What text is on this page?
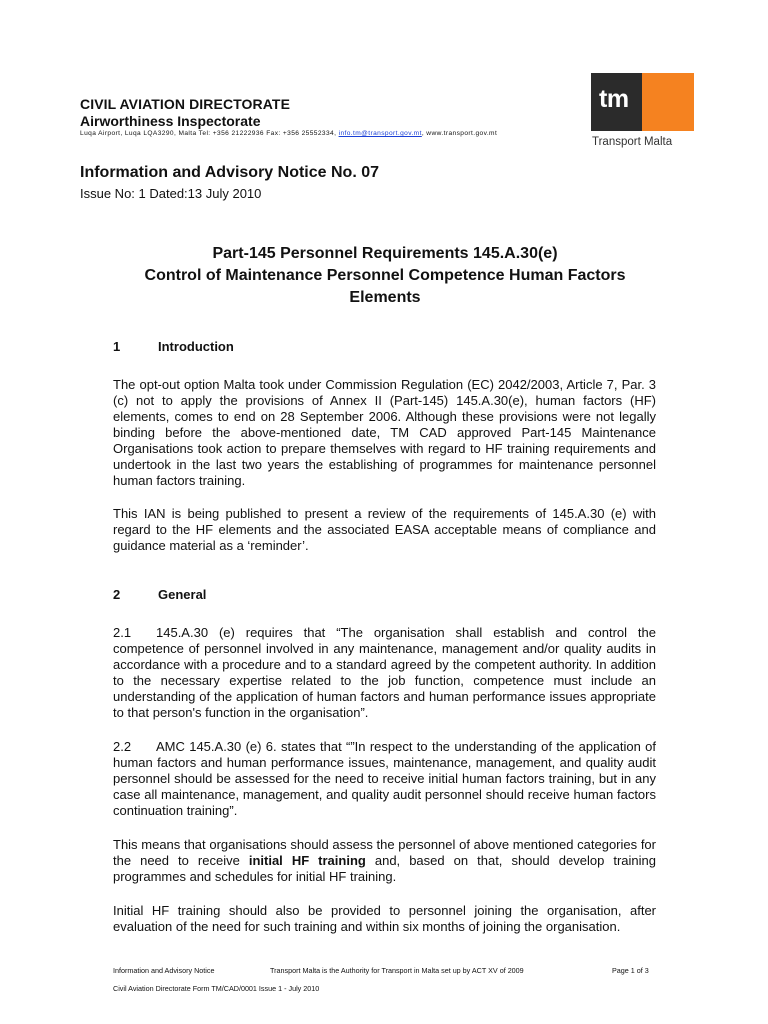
CIVIL AVIATION DIRECTORATE
Airworthiness Inspectorate
Luqa Airport, Luqa LQA3290, Malta Tel: +356 21222936 Fax: +356 25552334, info.tm@transport.gov.mt, www.transport.gov.mt
tm
Transport Malta
Information and Advisory Notice No. 07
Issue No: 1 Dated:13 July 2010
Part-145 Personnel Requirements 145.A.30(e)
Control of Maintenance Personnel Competence Human Factors
Elements
1	Introduction
The opt-out option Malta took under Commission Regulation (EC) 2042/2003, Article 7, Par. 3 (c) not to apply the provisions of Annex II (Part-145) 145.A.30(e), human factors (HF) elements, comes to end on 28 September 2006. Although these provisions were not legally binding before the above-mentioned date, TM CAD approved Part-145 Maintenance Organisations took action to prepare themselves with regard to HF training requirements and undertook in the last two years the establishing of programmes for maintenance personnel human factors training.
This IAN is being published to present a review of the requirements of 145.A.30 (e) with regard to the HF elements and the associated EASA acceptable means of compliance and guidance material as a ‘reminder’.
2	General
2.1 145.A.30 (e) requires that “The organisation shall establish and control the competence of personnel involved in any maintenance, management and/or quality audits in accordance with a procedure and to a standard agreed by the competent authority. In addition to the necessary expertise related to the job function, competence must include an understanding of the application of human factors and human performance issues appropriate to that person's function in the organisation”.
2.2 AMC 145.A.30 (e) 6. states that “”In respect to the understanding of the application of human factors and human performance issues, maintenance, management, and quality audit personnel should be assessed for the need to receive initial human factors training, but in any case all maintenance, management, and quality audit personnel should receive human factors continuation training”.
This means that organisations should assess the personnel of above mentioned categories for the need to receive initial HF training and, based on that, should develop training programmes and schedules for initial HF training.
Initial HF training should also be provided to personnel joining the organisation, after evaluation of the need for such training and within six months of joining the organisation.
Information and Advisory Notice	Transport Malta is the Authority for Transport in Malta set up by ACT XV of 2009	Page 1 of 3
Civil Aviation Directorate Form TM/CAD/0001 Issue 1 - July 2010
